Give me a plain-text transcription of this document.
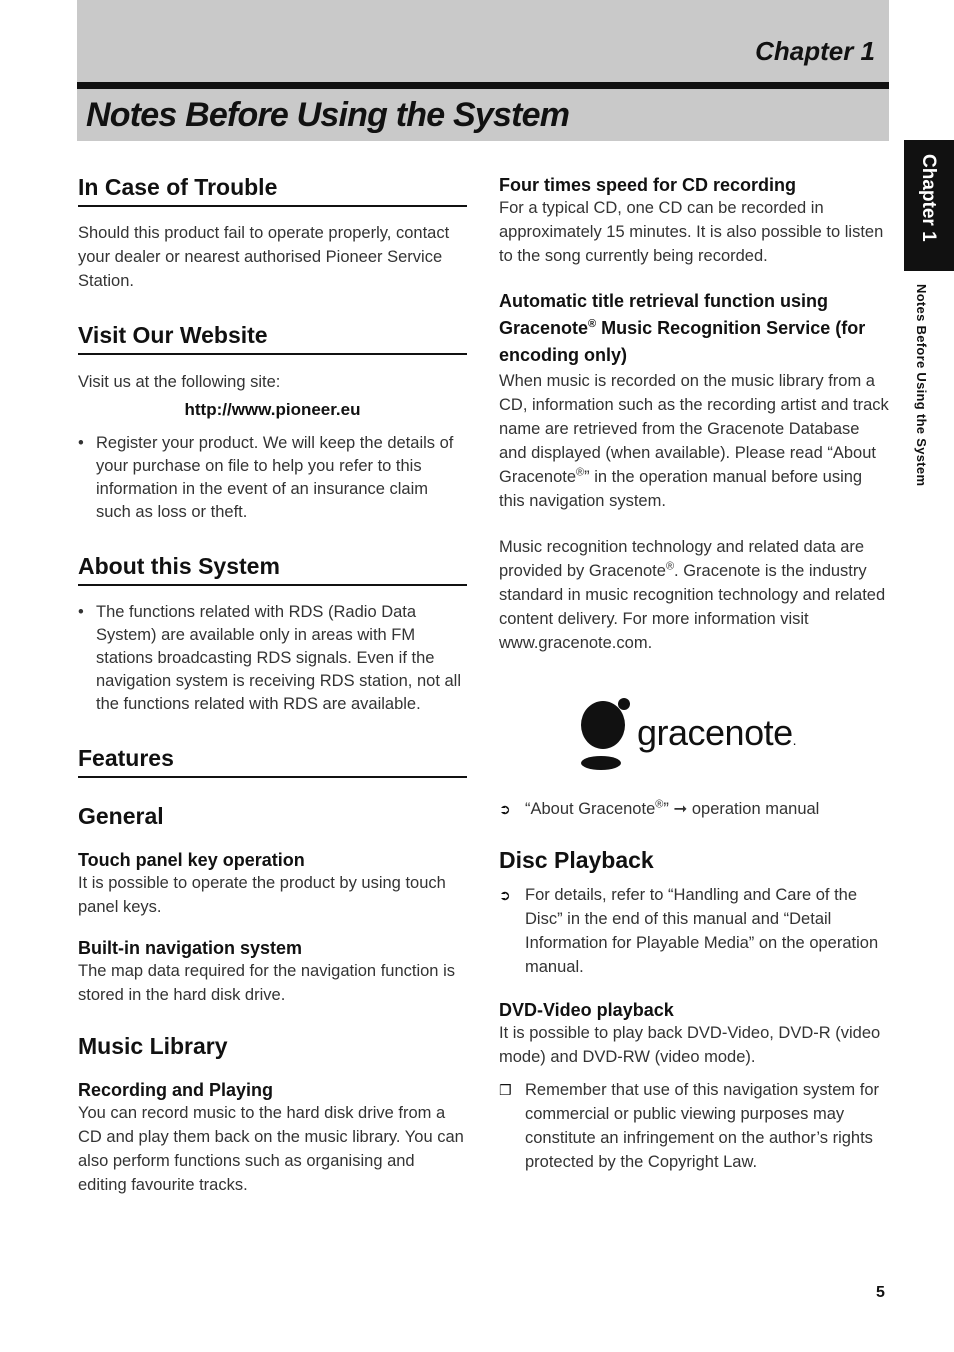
Chapter 1
Notes Before Using the System
Chapter 1
Notes Before Using the System
In Case of Trouble

Should this product fail to operate properly, contact your dealer or nearest authorised Pioneer Service Station.

Visit Our Website

Visit us at the following site:

http://www.pioneer.eu
• Register your product. We will keep the details of your purchase on file to help you refer to this information in the event of an insurance claim such as loss or theft.
About this System
• The functions related with RDS (Radio Data System) are available only in areas with FM stations broadcasting RDS signals. Even if the navigation system is receiving RDS station, not all the functions related with RDS are available.
Features
General
Touch panel key operation

It is possible to operate the product by using touch panel keys.

Built-in navigation system

The map data required for the navigation function is stored in the hard disk drive.

Music Library
Recording and Playing

You can record music to the hard disk drive from a CD and play them back on the music library. You can also perform functions such as organising and editing favourite tracks.

Four times speed for CD recording

For a typical CD, one CD can be recorded in approximately 15 minutes. It is also possible to listen to the song currently being recorded.

Automatic title retrieval function using Gracenote® Music Recognition Service (for encoding only)

When music is recorded on the music library from a CD, information such as the recording artist and track name are retrieved from the Gracenote Database and displayed (when available). Please read “About Gracenote®” in the operation manual before using this navigation system.

Music recognition technology and related data are provided by Gracenote®. Gracenote is the industry standard in music recognition technology and related content delivery. For more information visit www.gracenote.com.

gracenote.
➲ “About Gracenote®” ➞ operation manual
Disc Playback
➲ For details, refer to “Handling and Care of the Disc” in the end of this manual and “Detail Information for Playable Media” on the operation manual.
DVD-Video playback

It is possible to play back DVD-Video, DVD-R (video mode) and DVD-RW (video mode).

❒ Remember that use of this navigation system for commercial or public viewing purposes may constitute an infringement on the author’s rights protected by the Copyright Law.
5
